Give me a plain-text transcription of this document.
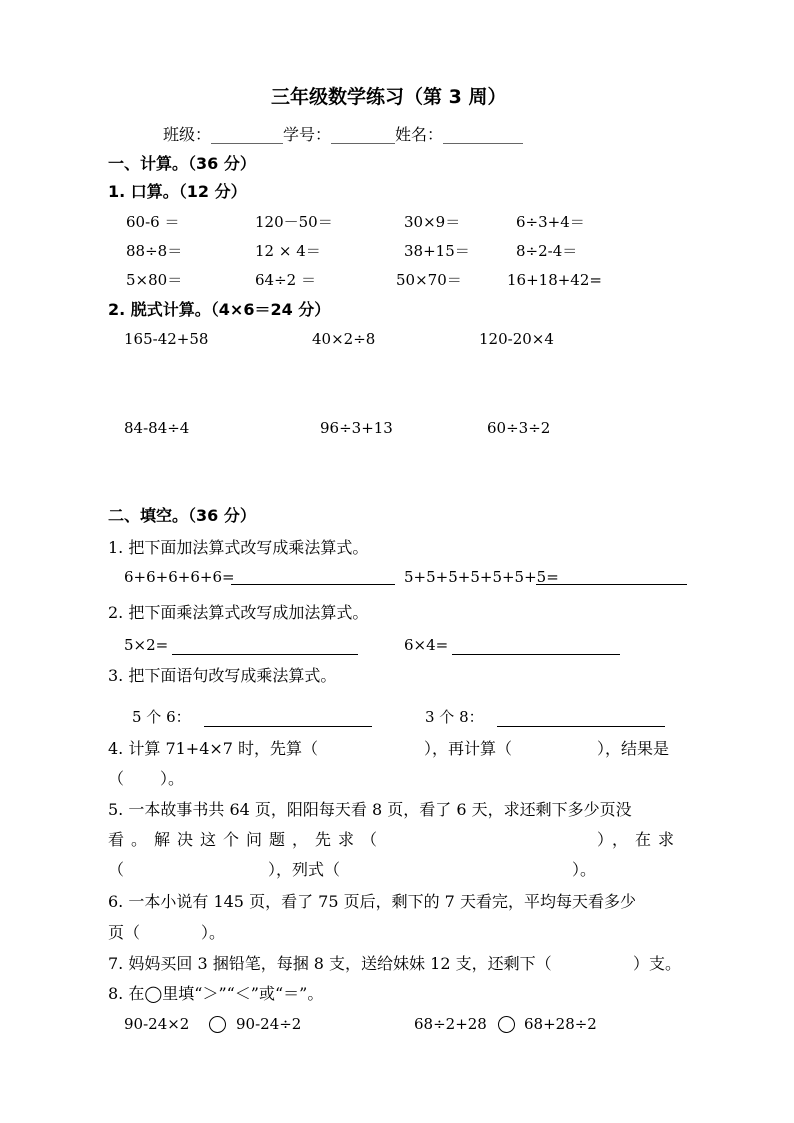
三年级数学练习（第 3 周）
班级：_________学号：________姓名：__________
一、计算。（36 分）
1. 口算。（12 分）
60-6 ＝	120－50＝	30×9＝	6÷3+4＝
88÷8＝	12 × 4＝	38+15＝	8÷2-4＝
5×80＝	64÷2 ＝	50×70＝	16+18+42=
2. 脱式计算。（4×6＝24 分）
165-42+58	40×2÷8	120-20×4
84-84÷4	96÷3+13	60÷3÷2
二、填空。（36 分）
1. 把下面加法算式改写成乘法算式。
6+6+6+6+6=	5+5+5+5+5+5+5=
2. 把下面乘法算式改写成加法算式。
5×2=	6×4=
3. 把下面语句改写成乘法算式。
5 个 6：	3 个 8：
4. 计算 71+4×7 时，先算（	），再计算（	），结果是
（ ）。
5. 一本故事书共 64 页，阳阳每天看 8 页，看了 6 天，求还剩下多少页没
看。解决这个问题，先求（	），在求
（	），列式（	）。
6. 一本小说有 145 页，看了 75 页后，剩下的 7 天看完，平均每天看多少
页（	）。
7. 妈妈买回 3 捆铅笔，每捆 8 支，送给妹妹 12 支，还剩下（	）支。
8. 在◯里填“＞”“＜”或“＝”。
90-24×2	90-24÷2	68÷2+28 68+28÷2
